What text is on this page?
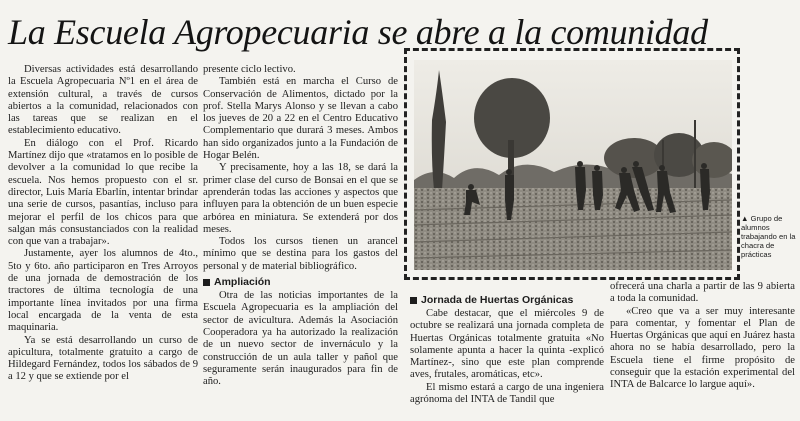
La Escuela Agropecuaria se abre a la comunidad

Diversas actividades está desarrollando la Escuela Agropecuaria Nº1 en el área de extensión cultural, a través de cursos abiertos a la comunidad, relacionados con las tareas que se realizan en el establecimiento educativo.

En diálogo con el Prof. Ricardo Martínez dijo que «tratamos en lo posible de devolver a la comunidad lo que recibe la escuela. Nos hemos propuesto con el sr. director, Luis María Ebarlín, intentar brindar una serie de cursos, pasantías, incluso para mejorar el perfil de los chicos para que salgan más consustanciados con la realidad con que van a trabajar».

Justamente, ayer los alumnos de 4to., 5to y 6to. año participaron en Tres Arroyos de una jornada de demostración de los tractores de última tecnología de una importante línea invitados por una firma local encargada de la venta de esta maquinaria.

Ya se está desarrollando un curso de apicultura, totalmente gratuito a cargo de Hildegard Fernández, todos los sábados de 9 a 12 y que se extiende por el

presente ciclo lectivo.

También está en marcha el Curso de Conservación de Alimentos, dictado por la prof. Stella Marys Alonso y se llevan a cabo los jueves de 20 a 22 en el Centro Educativo Complementario que durará 3 meses. Ambos han sido organizados junto a la Fundación de Hogar Belén.

Y precisamente, hoy a las 18, se dará la primer clase del curso de Bonsai en el que se aprenderán todas las acciones y aspectos que influyen para la obtención de un buen especie arbórea en miniatura. Se extenderá por dos meses.

Todos los cursos tienen un arancel mínimo que se destina para los gastos del personal y de material bibliográfico.

Ampliación

Otra de las noticias importantes de la Escuela Agropecuaria es la ampliación del sector de avicultura. Además la Asociación Cooperadora ya ha autorizado la realización de un nuevo sector de invernáculo y la construcción de un aula taller y pañol que seguramente serán inaugurados para fin de año.

▲ Grupo de alumnos trabajando en la chacra de prácticas
Jornada de Huertas Orgánicas

Cabe destacar, que el miércoles 9 de octubre se realizará una jornada completa de Huertas Orgánicas totalmente gratuita «No solamente apunta a hacer la quinta -explicó Martínez-, sino que este plan comprende aves, frutales, aromáticas, etc».

El mismo estará a cargo de una ingeniera agrónoma del INTA de Tandil que

ofrecerá una charla a partir de las 9 abierta a toda la comunidad.

«Creo que va a ser muy interesante para comentar, y fomentar el Plan de Huertas Orgánicas que aquí en Juárez hasta ahora no se había desarrollado, pero la Escuela tiene el firme propósito de conseguir que la estación experimental del INTA de Balcarce lo largue aquí».
